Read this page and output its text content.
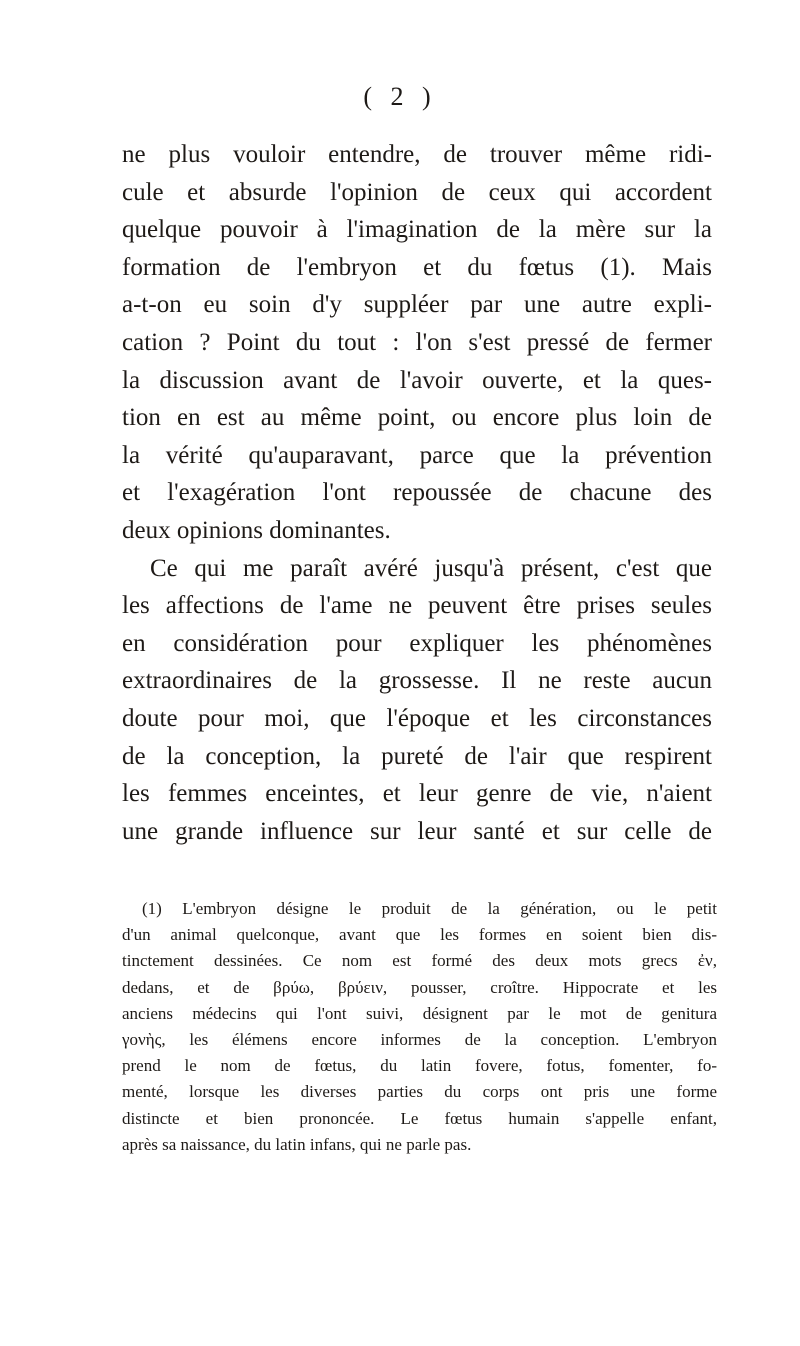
( 2 )
ne plus vouloir entendre, de trouver même ridi-
cule et absurde l'opinion de ceux qui accordent
quelque pouvoir à l'imagination de la mère sur la
formation de l'embryon et du fœtus (1). Mais
a-t-on eu soin d'y suppléer par une autre expli-
cation ? Point du tout : l'on s'est pressé de fermer
la discussion avant de l'avoir ouverte, et la ques-
tion en est au même point, ou encore plus loin de
la vérité qu'auparavant, parce que la prévention
et l'exagération l'ont repoussée de chacune des
deux opinions dominantes.
Ce qui me paraît avéré jusqu'à présent, c'est que
les affections de l'ame ne peuvent être prises seules
en considération pour expliquer les phénomènes
extraordinaires de la grossesse. Il ne reste aucun
doute pour moi, que l'époque et les circonstances
de la conception, la pureté de l'air que respirent
les femmes enceintes, et leur genre de vie, n'aient
une grande influence sur leur santé et sur celle de
(1) L'embryon désigne le produit de la génération, ou le petit
d'un animal quelconque, avant que les formes en soient bien dis-
tinctement dessinées. Ce nom est formé des deux mots grecs ἐν,
dedans, et de βρύω, βρύειν, pousser, croître. Hippocrate et les
anciens médecins qui l'ont suivi, désignent par le mot de genitura
γονὴς, les élémens encore informes de la conception. L'embryon
prend le nom de fœtus, du latin fovere, fotus, fomenter, fo-
menté, lorsque les diverses parties du corps ont pris une forme
distincte et bien prononcée. Le fœtus humain s'appelle enfant,
après sa naissance, du latin infans, qui ne parle pas.
